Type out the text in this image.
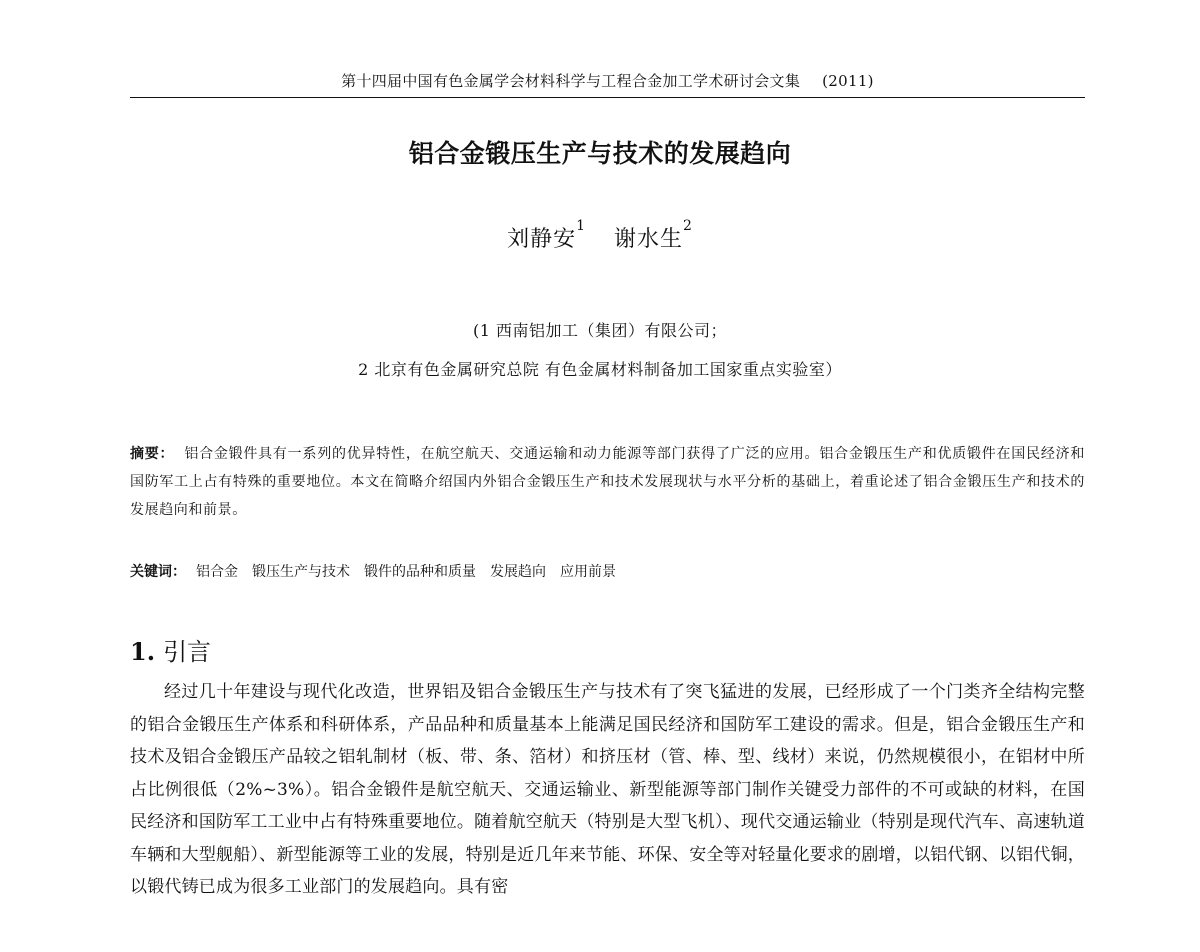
第十四届中国有色金属学会材料科学与工程合金加工学术研讨会文集 (2011)
铝合金锻压生产与技术的发展趋向
刘静安$^1$谢水生$^2$
(1 西南铝加工（集团）有限公司；
2 北京有色金属研究总院 有色金属材料制备加工国家重点实验室）
摘要： 铝合金锻件具有一系列的优异特性，在航空航天、交通运输和动力能源等部门获得了广泛的应用。铝合金锻压生产和优质锻件在国民经济和国防军工上占有特殊的重要地位。本文在简略介绍国内外铝合金锻压生产和技术发展现状与水平分析的基础上，着重论述了铝合金锻压生产和技术的发展趋向和前景。
关键词： 铝合金 锻压生产与技术 锻件的品种和质量 发展趋向 应用前景
1. 引言
经过几十年建设与现代化改造，世界铝及铝合金锻压生产与技术有了突飞猛进的发展，已经形成了一个门类齐全结构完整的铝合金锻压生产体系和科研体系，产品品种和质量基本上能满足国民经济和国防军工建设的需求。但是，铝合金锻压生产和技术及铝合金锻压产品较之铝轧制材（板、带、条、箔材）和挤压材（管、棒、型、线材）来说，仍然规模很小，在铝材中所占比例很低（2%~3%）。铝合金锻件是航空航天、交通运输业、新型能源等部门制作关键受力部件的不可或缺的材料，在国民经济和国防军工工业中占有特殊重要地位。随着航空航天（特别是大型飞机）、现代交通运输业（特别是现代汽车、高速轨道车辆和大型舰船）、新型能源等工业的发展，特别是近几年来节能、环保、安全等对轻量化要求的剧增，以铝代钢、以铝代铜，以锻代铸已成为很多工业部门的发展趋向。具有密
